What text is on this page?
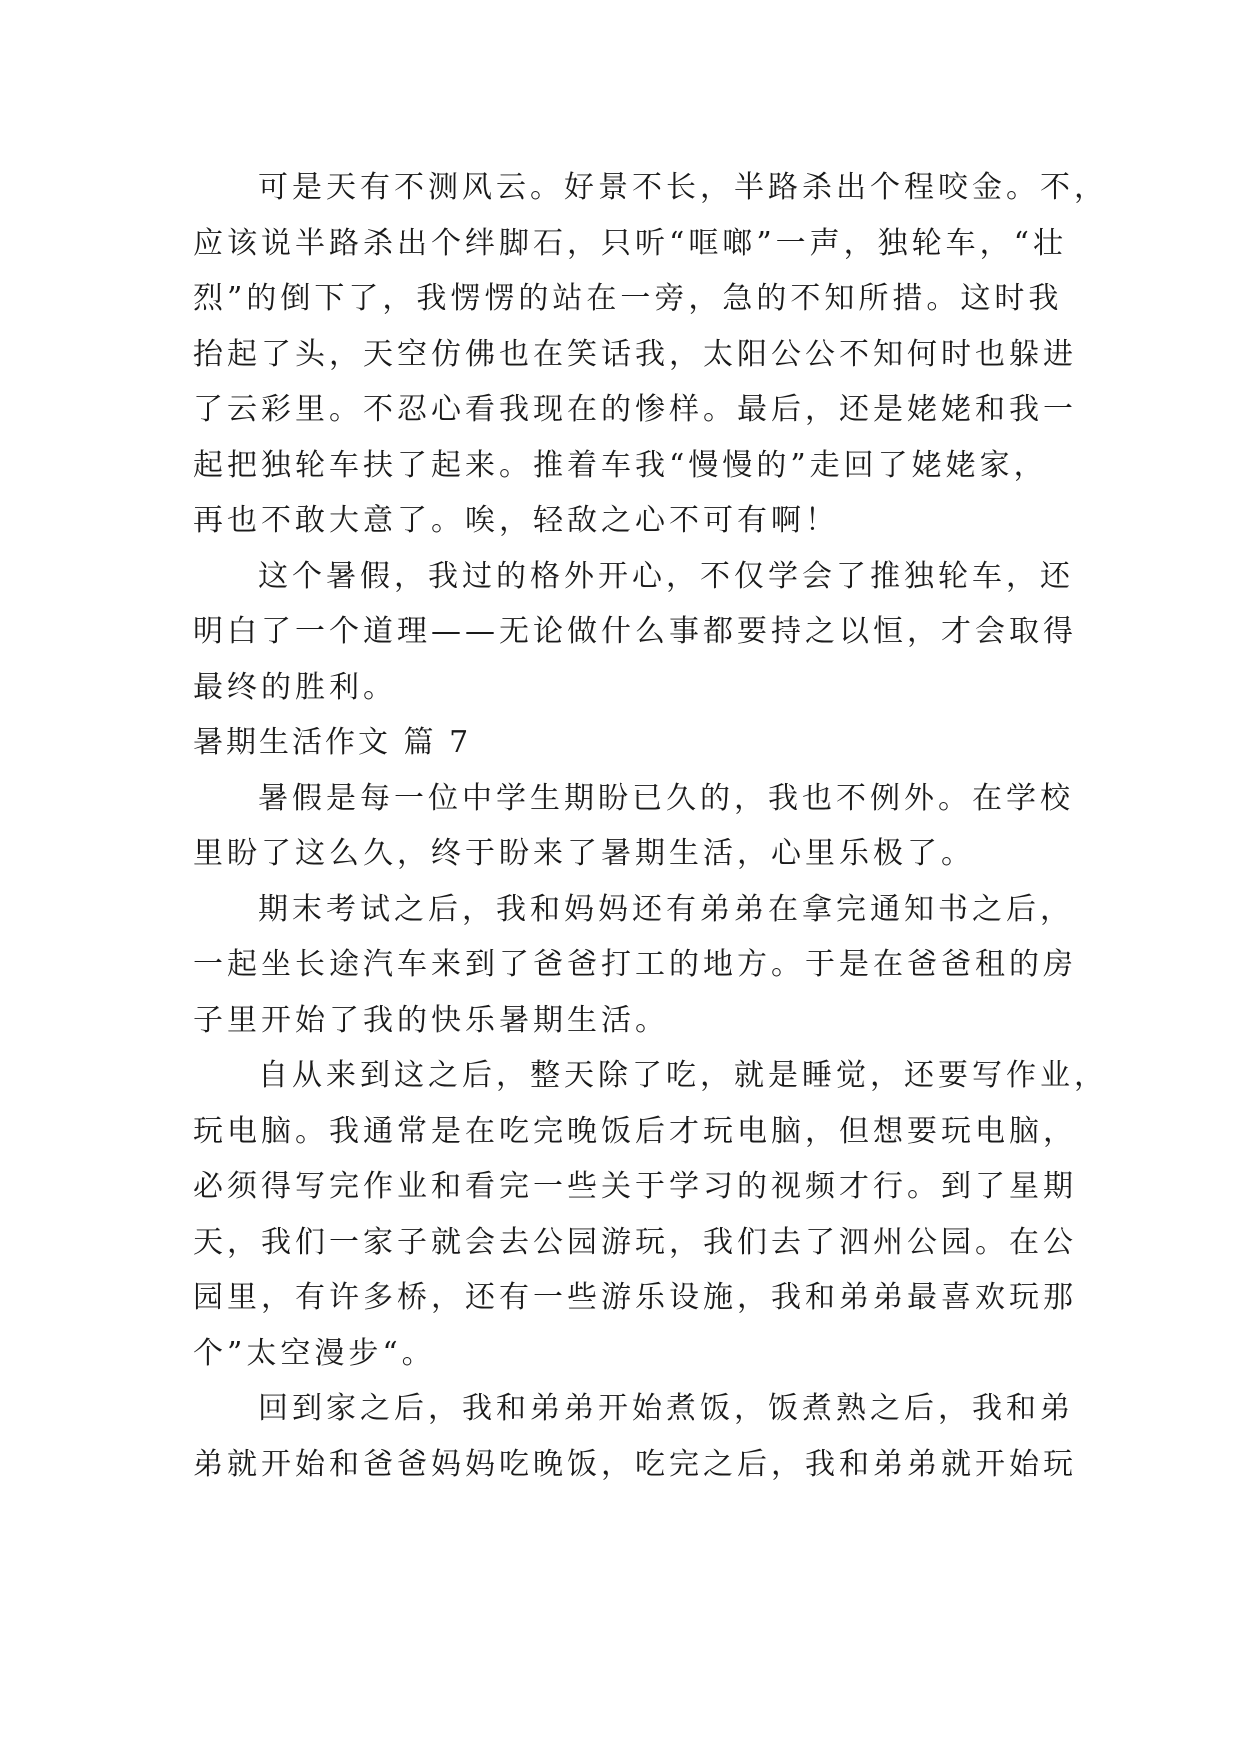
可是天有不测风云。好景不长，半路杀出个程咬金。不，
应该说半路杀出个绊脚石，只听“哐啷”一声，独轮车，“壮
烈”的倒下了，我愣愣的站在一旁，急的不知所措。这时我
抬起了头，天空仿佛也在笑话我，太阳公公不知何时也躲进
了云彩里。不忍心看我现在的惨样。最后，还是姥姥和我一
起把独轮车扶了起来。推着车我“慢慢的”走回了姥姥家，
再也不敢大意了。唉，轻敌之心不可有啊！
这个暑假，我过的格外开心，不仅学会了推独轮车，还
明白了一个道理——无论做什么事都要持之以恒，才会取得
最终的胜利。
暑期生活作文 篇 7
暑假是每一位中学生期盼已久的，我也不例外。在学校
里盼了这么久，终于盼来了暑期生活，心里乐极了。
期末考试之后，我和妈妈还有弟弟在拿完通知书之后，
一起坐长途汽车来到了爸爸打工的地方。于是在爸爸租的房
子里开始了我的快乐暑期生活。
自从来到这之后，整天除了吃，就是睡觉，还要写作业，
玩电脑。我通常是在吃完晚饭后才玩电脑，但想要玩电脑，
必须得写完作业和看完一些关于学习的视频才行。到了星期
天，我们一家子就会去公园游玩，我们去了泗州公园。在公
园里，有许多桥，还有一些游乐设施，我和弟弟最喜欢玩那
个”太空漫步“。
回到家之后，我和弟弟开始煮饭，饭煮熟之后，我和弟
弟就开始和爸爸妈妈吃晚饭，吃完之后，我和弟弟就开始玩
